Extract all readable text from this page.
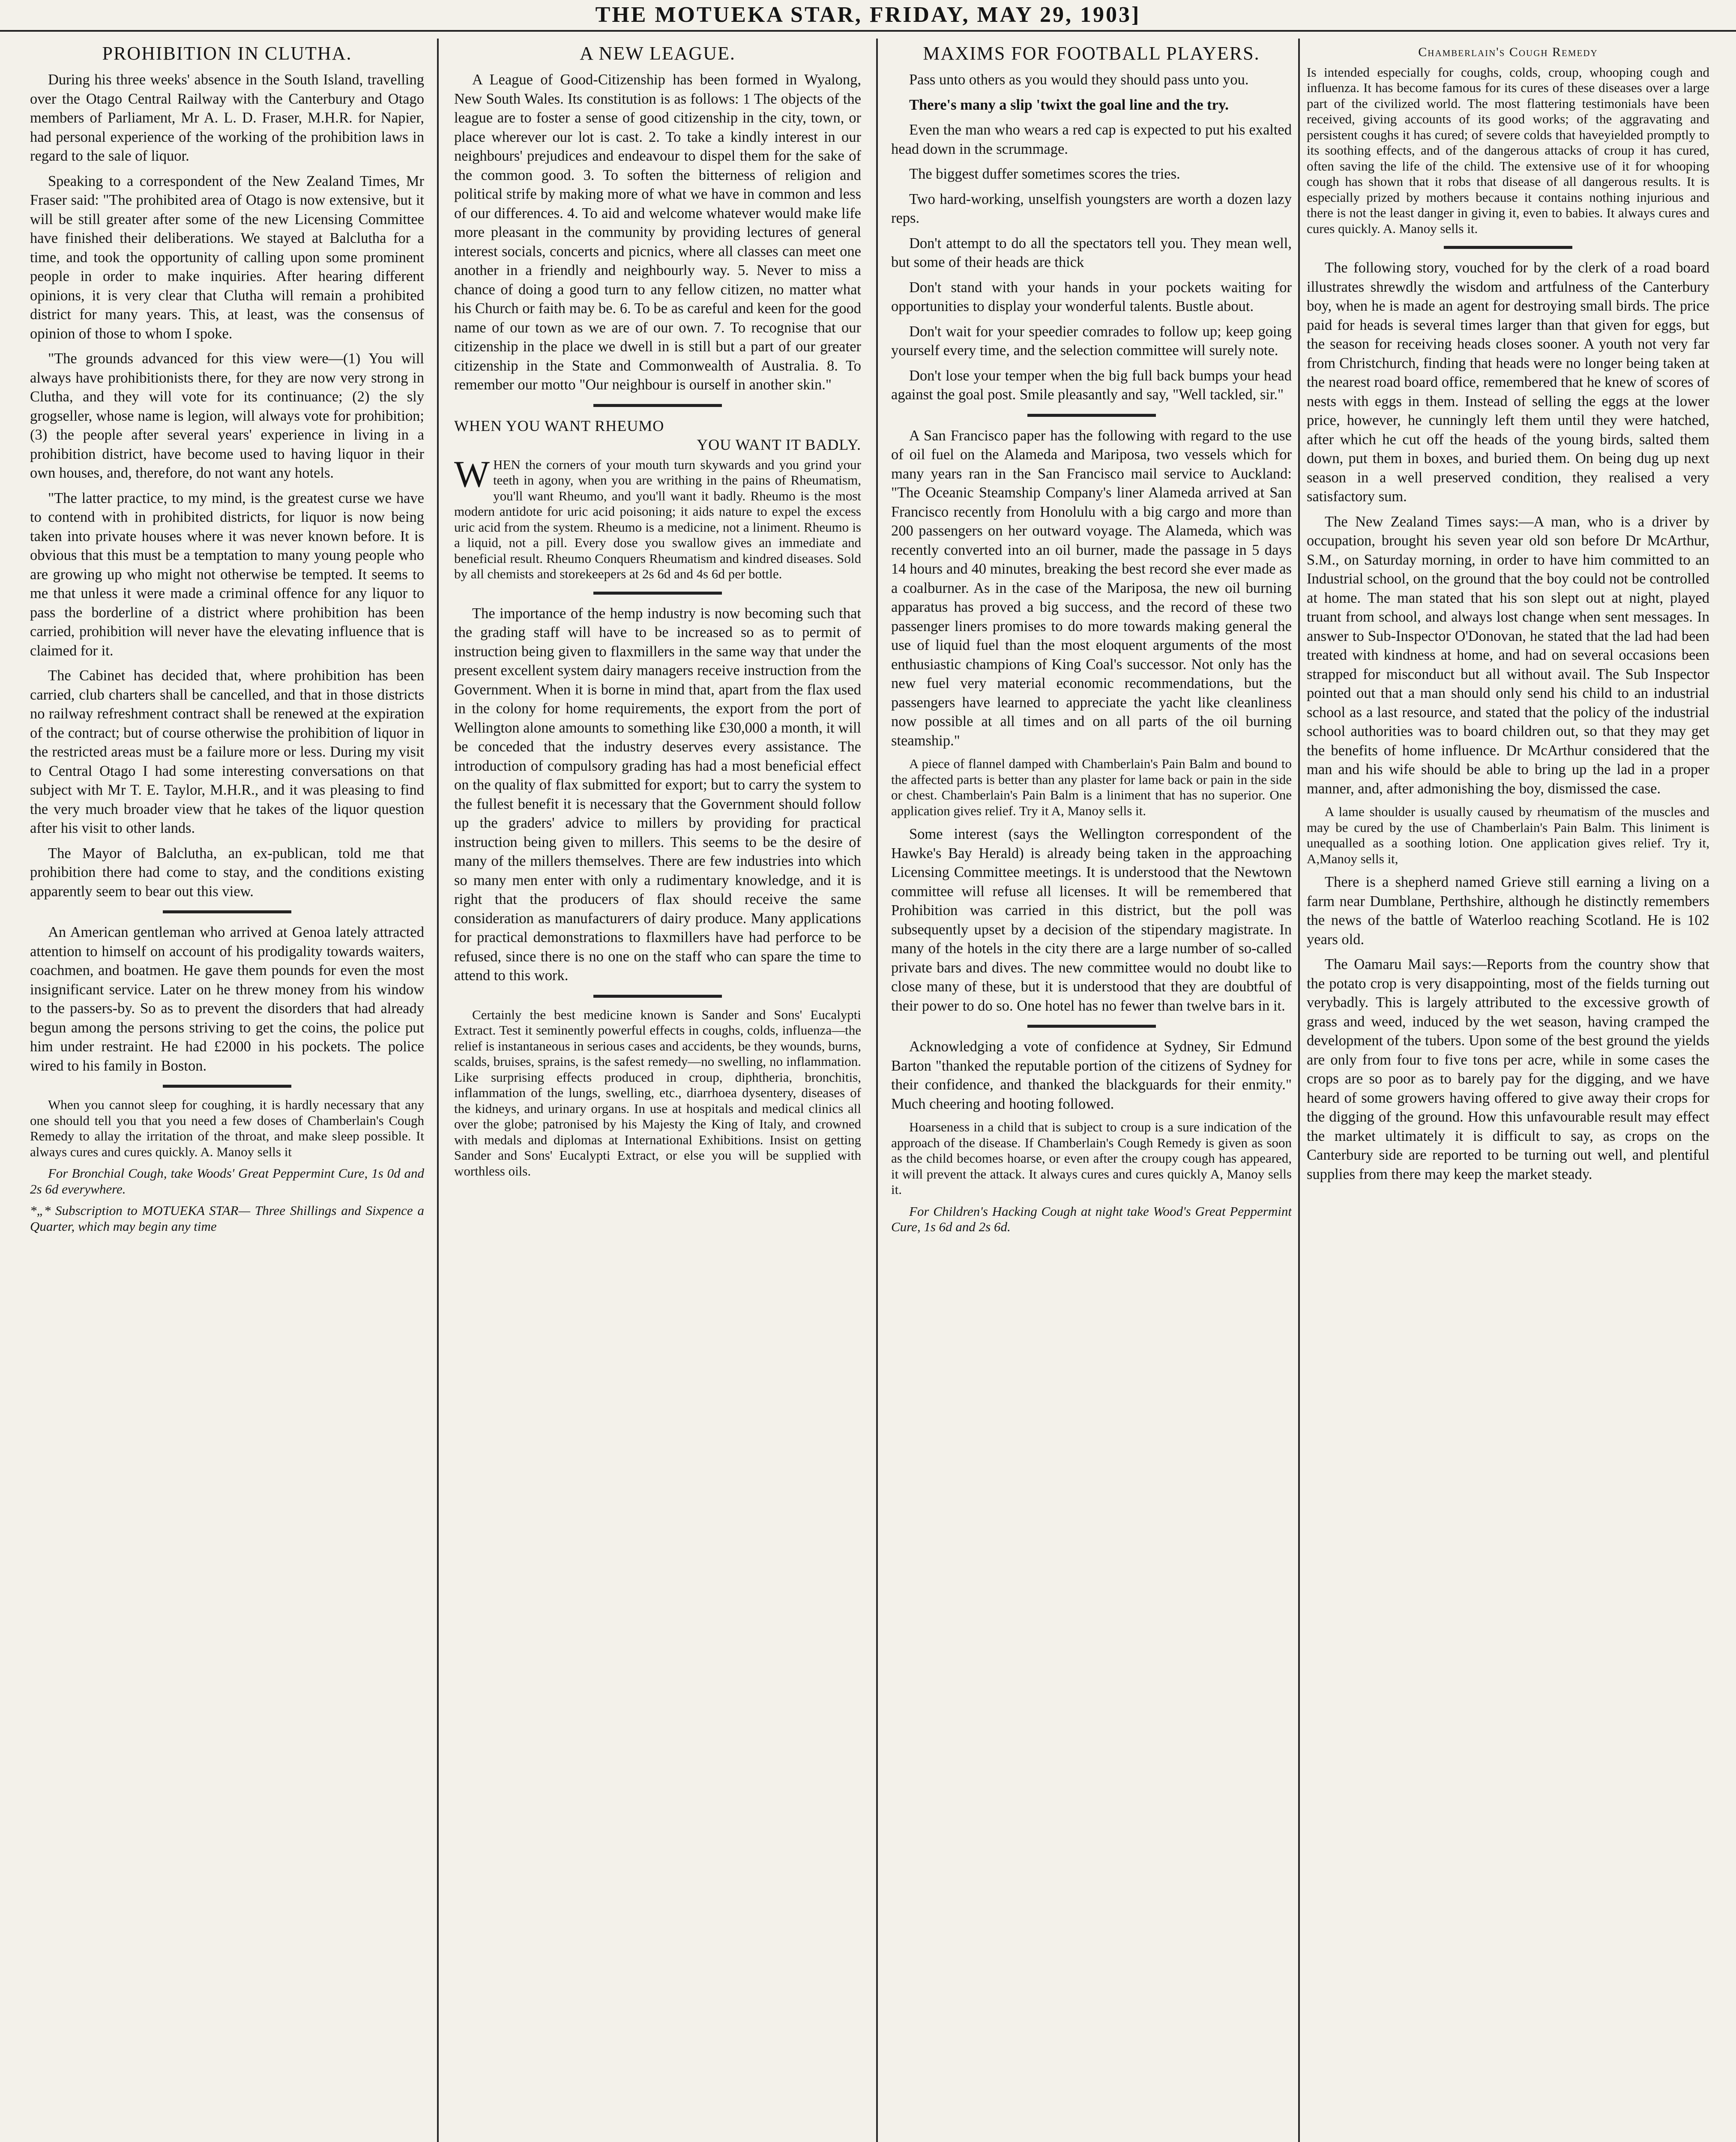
THE MOTUEKA STAR, FRIDAY, MAY 29, 1903]
PROHIBITION IN CLUTHA.

During his three weeks' absence in the South Island, travelling over the Otago Central Railway with the Canterbury and Otago members of Parliament, Mr A. L. D. Fraser, M.H.R. for Napier, had personal experience of the working of the prohibition laws in regard to the sale of liquor.

Speaking to a correspondent of the New Zealand Times, Mr Fraser said: "The prohibited area of Otago is now extensive, but it will be still greater after some of the new Licensing Committee have finished their deliberations. We stayed at Balclutha for a time, and took the opportunity of calling upon some prominent people in order to make inquiries. After hearing different opinions, it is very clear that Clutha will remain a prohibited district for many years. This, at least, was the consensus of opinion of those to whom I spoke.

"The grounds advanced for this view were—(1) You will always have prohibitionists there, for they are now very strong in Clutha, and they will vote for its continuance; (2) the sly grogseller, whose name is legion, will always vote for prohibition; (3) the people after several years' experience in living in a prohibition district, have become used to having liquor in their own houses, and, therefore, do not want any hotels.

"The latter practice, to my mind, is the greatest curse we have to contend with in prohibited districts, for liquor is now being taken into private houses where it was never known before. It is obvious that this must be a temptation to many young people who are growing up who might not otherwise be tempted. It seems to me that unless it were made a criminal offence for any liquor to pass the borderline of a district where prohibition has been carried, prohibition will never have the elevating influence that is claimed for it.

The Cabinet has decided that, where prohibition has been carried, club charters shall be cancelled, and that in those districts no railway refreshment contract shall be renewed at the expiration of the contract; but of course otherwise the prohibition of liquor in the restricted areas must be a failure more or less. During my visit to Central Otago I had some interesting conversations on that subject with Mr T. E. Taylor, M.H.R., and it was pleasing to find the very much broader view that he takes of the liquor question after his visit to other lands.

The Mayor of Balclutha, an ex-publican, told me that prohibition there had come to stay, and the conditions existing apparently seem to bear out this view.

An American gentleman who arrived at Genoa lately attracted attention to himself on account of his prodigality towards waiters, coachmen, and boatmen. He gave them pounds for even the most insignificant service. Later on he threw money from his window to the passers-by. So as to prevent the disorders that had already begun among the persons striving to get the coins, the police put him under restraint. He had £2000 in his pockets. The police wired to his family in Boston.

When you cannot sleep for coughing, it is hardly necessary that any one should tell you that you need a few doses of Chamberlain's Cough Remedy to allay the irritation of the throat, and make sleep possible. It always cures and cures quickly. A. Manoy sells it

For Bronchial Cough, take Woods' Great Peppermint Cure, 1s 0d and 2s 6d everywhere.

*„* Subscription to MOTUEKA STAR— Three Shillings and Sixpence a Quarter, which may begin any time

A NEW LEAGUE.

A League of Good-Citizenship has been formed in Wyalong, New South Wales. Its constitution is as follows: 1 The objects of the league are to foster a sense of good citizenship in the city, town, or place wherever our lot is cast. 2. To take a kindly interest in our neighbours' prejudices and endeavour to dispel them for the sake of the common good. 3. To soften the bitterness of religion and political strife by making more of what we have in common and less of our differences. 4. To aid and welcome whatever would make life more pleasant in the community by providing lectures of general interest socials, concerts and picnics, where all classes can meet one another in a friendly and neighbourly way. 5. Never to miss a chance of doing a good turn to any fellow citizen, no matter what his Church or faith may be. 6. To be as careful and keen for the good name of our town as we are of our own. 7. To recognise that our citizenship in the place we dwell in is still but a part of our greater citizenship in the State and Commonwealth of Australia. 8. To remember our motto "Our neighbour is ourself in another skin."

WHEN YOU WANT RHEUMO
YOU WANT IT BADLY.

WHEN the corners of your mouth turn skywards and you grind your teeth in agony, when you are writhing in the pains of Rheumatism, you'll want Rheumo, and you'll want it badly. Rheumo is the most modern antidote for uric acid poisoning; it aids nature to expel the excess uric acid from the system. Rheumo is a medicine, not a liniment. Rheumo is a liquid, not a pill. Every dose you swallow gives an immediate and beneficial result. Rheumo Conquers Rheumatism and kindred diseases. Sold by all chemists and storekeepers at 2s 6d and 4s 6d per bottle.

The importance of the hemp industry is now becoming such that the grading staff will have to be increased so as to permit of instruction being given to flaxmillers in the same way that under the present excellent system dairy managers receive instruction from the Government. When it is borne in mind that, apart from the flax used in the colony for home requirements, the export from the port of Wellington alone amounts to something like £30,000 a month, it will be conceded that the industry deserves every assistance. The introduction of compulsory grading has had a most beneficial effect on the quality of flax submitted for export; but to carry the system to the fullest benefit it is necessary that the Government should follow up the graders' advice to millers by providing for practical instruction being given to millers. This seems to be the desire of many of the millers themselves. There are few industries into which so many men enter with only a rudimentary knowledge, and it is right that the producers of flax should receive the same consideration as manufacturers of dairy produce. Many applications for practical demonstrations to flaxmillers have had perforce to be refused, since there is no one on the staff who can spare the time to attend to this work.

Certainly the best medicine known is Sander and Sons' Eucalypti Extract. Test it seminently powerful effects in coughs, colds, influenza—the relief is instantaneous in serious cases and accidents, be they wounds, burns, scalds, bruises, sprains, is the safest remedy—no swelling, no inflammation. Like surprising effects produced in croup, diphtheria, bronchitis, inflammation of the lungs, swelling, etc., diarrhoea dysentery, diseases of the kidneys, and urinary organs. In use at hospitals and medical clinics all over the globe; patronised by his Majesty the King of Italy, and crowned with medals and diplomas at International Exhibitions. Insist on getting Sander and Sons' Eucalypti Extract, or else you will be supplied with worthless oils.

MAXIMS FOR FOOTBALL PLAYERS.

Pass unto others as you would they should pass unto you.

There's many a slip 'twixt the goal line and the try.

Even the man who wears a red cap is expected to put his exalted head down in the scrummage.

The biggest duffer sometimes scores the tries.

Two hard-working, unselfish youngsters are worth a dozen lazy reps.

Don't attempt to do all the spectators tell you. They mean well, but some of their heads are thick

Don't stand with your hands in your pockets waiting for opportunities to display your wonderful talents. Bustle about.

Don't wait for your speedier comrades to follow up; keep going yourself every time, and the selection committee will surely note.

Don't lose your temper when the big full back bumps your head against the goal post. Smile pleasantly and say, "Well tackled, sir."

A San Francisco paper has the following with regard to the use of oil fuel on the Alameda and Mariposa, two vessels which for many years ran in the San Francisco mail service to Auckland: "The Oceanic Steamship Company's liner Alameda arrived at San Francisco recently from Honolulu with a big cargo and more than 200 passengers on her outward voyage. The Alameda, which was recently converted into an oil burner, made the passage in 5 days 14 hours and 40 minutes, breaking the best record she ever made as a coalburner. As in the case of the Mariposa, the new oil burning apparatus has proved a big success, and the record of these two passenger liners promises to do more towards making general the use of liquid fuel than the most eloquent arguments of the most enthusiastic champions of King Coal's successor. Not only has the new fuel very material economic recommendations, but the passengers have learned to appreciate the yacht like cleanliness now possible at all times and on all parts of the oil burning steamship."

A piece of flannel damped with Chamberlain's Pain Balm and bound to the affected parts is better than any plaster for lame back or pain in the side or chest. Chamberlain's Pain Balm is a liniment that has no superior. One application gives relief. Try it A, Manoy sells it.

Some interest (says the Wellington correspondent of the Hawke's Bay Herald) is already being taken in the approaching Licensing Committee meetings. It is understood that the Newtown committee will refuse all licenses. It will be remembered that Prohibition was carried in this district, but the poll was subsequently upset by a decision of the stipendary magistrate. In many of the hotels in the city there are a large number of so-called private bars and dives. The new committee would no doubt like to close many of these, but it is understood that they are doubtful of their power to do so. One hotel has no fewer than twelve bars in it.

Acknowledging a vote of confidence at Sydney, Sir Edmund Barton "thanked the reputable portion of the citizens of Sydney for their confidence, and thanked the blackguards for their enmity." Much cheering and hooting followed.

Hoarseness in a child that is subject to croup is a sure indication of the approach of the disease. If Chamberlain's Cough Remedy is given as soon as the child becomes hoarse, or even after the croupy cough has appeared, it will prevent the attack. It always cures and cures quickly A, Manoy sells it.

For Children's Hacking Cough at night take Wood's Great Peppermint Cure, 1s 6d and 2s 6d.

Chamberlain's Cough Remedy

Is intended especially for coughs, colds, croup, whooping cough and influenza. It has become famous for its cures of these diseases over a large part of the civilized world. The most flattering testimonials have been received, giving accounts of its good works; of the aggravating and persistent coughs it has cured; of severe colds that haveyielded promptly to its soothing effects, and of the dangerous attacks of croup it has cured, often saving the life of the child. The extensive use of it for whooping cough has shown that it robs that disease of all dangerous results. It is especially prized by mothers because it contains nothing injurious and there is not the least danger in giving it, even to babies. It always cures and cures quickly. A. Manoy sells it.

The following story, vouched for by the clerk of a road board illustrates shrewdly the wisdom and artfulness of the Canterbury boy, when he is made an agent for destroying small birds. The price paid for heads is several times larger than that given for eggs, but the season for receiving heads closes sooner. A youth not very far from Christchurch, finding that heads were no longer being taken at the nearest road board office, remembered that he knew of scores of nests with eggs in them. Instead of selling the eggs at the lower price, however, he cunningly left them until they were hatched, after which he cut off the heads of the young birds, salted them down, put them in boxes, and buried them. On being dug up next season in a well preserved condition, they realised a very satisfactory sum.

The New Zealand Times says:—A man, who is a driver by occupation, brought his seven year old son before Dr McArthur, S.M., on Saturday morning, in order to have him committed to an Industrial school, on the ground that the boy could not be controlled at home. The man stated that his son slept out at night, played truant from school, and always lost change when sent messages. In answer to Sub-Inspector O'Donovan, he stated that the lad had been treated with kindness at home, and had on several occasions been strapped for misconduct but all without avail. The Sub Inspector pointed out that a man should only send his child to an industrial school as a last resource, and stated that the policy of the industrial school authorities was to board children out, so that they may get the benefits of home influence. Dr McArthur considered that the man and his wife should be able to bring up the lad in a proper manner, and, after admonishing the boy, dismissed the case.

A lame shoulder is usually caused by rheumatism of the muscles and may be cured by the use of Chamberlain's Pain Balm. This liniment is unequalled as a soothing lotion. One application gives relief. Try it, A,Manoy sells it,

There is a shepherd named Grieve still earning a living on a farm near Dumblane, Perthshire, although he distinctly remembers the news of the battle of Waterloo reaching Scotland. He is 102 years old.

The Oamaru Mail says:—Reports from the country show that the potato crop is very disappointing, most of the fields turning out verybadly. This is largely attributed to the excessive growth of grass and weed, induced by the wet season, having cramped the development of the tubers. Upon some of the best ground the yields are only from four to five tons per acre, while in some cases the crops are so poor as to barely pay for the digging, and we have heard of some growers having offered to give away their crops for the digging of the ground. How this unfavourable result may effect the market ultimately it is difficult to say, as crops on the Canterbury side are reported to be turning out well, and plentiful supplies from there may keep the market steady.
